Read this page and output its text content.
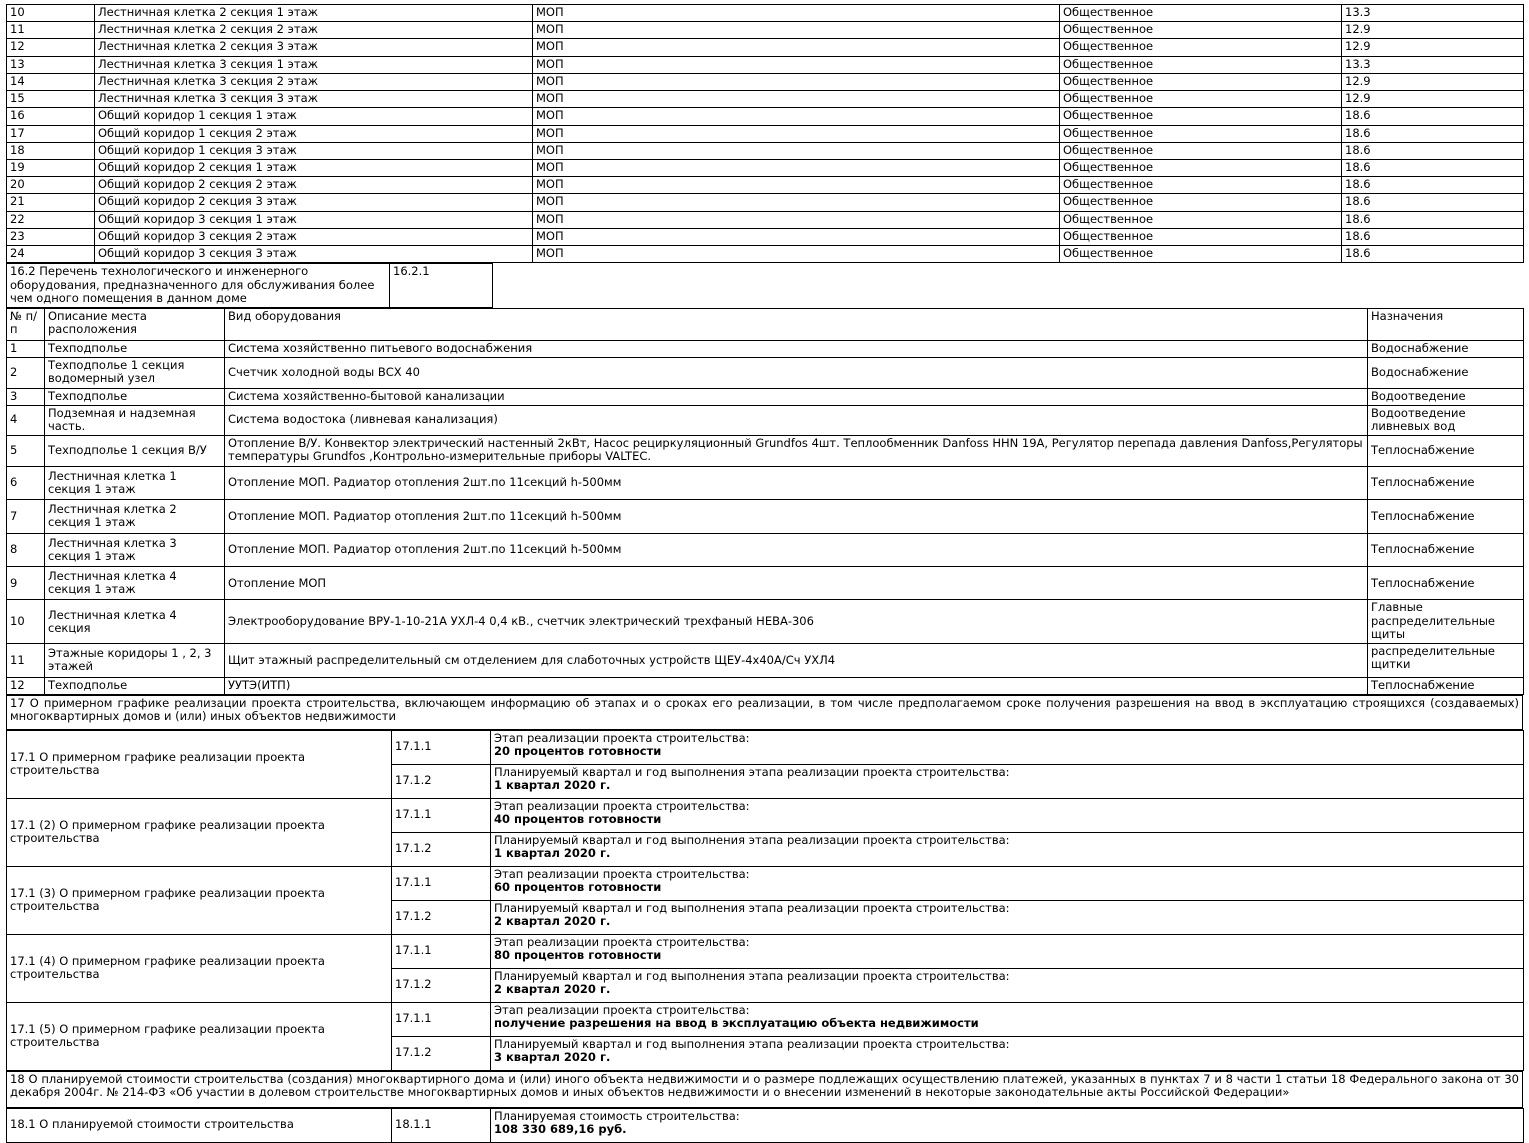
10	Лестничная клетка 2 секция 1 этаж	МОП	Общественное	13.3
11	Лестничная клетка 2 секция 2 этаж	МОП	Общественное	12.9
12	Лестничная клетка 2 секция 3 этаж	МОП	Общественное	12.9
13	Лестничная клетка 3 секция 1 этаж	МОП	Общественное	13.3
14	Лестничная клетка 3 секция 2 этаж	МОП	Общественное	12.9
15	Лестничная клетка 3 секция 3 этаж	МОП	Общественное	12.9
16	Общий коридор 1 секция 1 этаж	МОП	Общественное	18.6
17	Общий коридор 1 секция 2 этаж	МОП	Общественное	18.6
18	Общий коридор 1 секция 3 этаж	МОП	Общественное	18.6
19	Общий коридор 2 секция 1 этаж	МОП	Общественное	18.6
20	Общий коридор 2 секция 2 этаж	МОП	Общественное	18.6
21	Общий коридор 2 секция 3 этаж	МОП	Общественное	18.6
22	Общий коридор 3 секция 1 этаж	МОП	Общественное	18.6
23	Общий коридор 3 секция 2 этаж	МОП	Общественное	18.6
24	Общий коридор 3 секция 3 этаж	МОП	Общественное	18.6
16.2 Перечень технологического и инженерного оборудования, предназначенного для обслуживания более чем одного помещения в данном доме	16.2.1	
№ п/п	Описание места расположения	Вид оборудования	Назначения
1	Техподполье	Система хозяйственно питьевого водоснабжения	Водоснабжение
2	Техподполье 1 секция водомерный узел	Счетчик холодной воды ВСХ 40	Водоснабжение
3	Техподполье	Система хозяйственно-бытовой канализации	Водоотведение
4	Подземная и надземная часть.	Система водостока (ливневая канализация)	Водоотведение ливневых вод
5	Техподполье 1 секция В/У	Отопление В/У. Конвектор электрический настенный 2кВт, Насос рециркуляционный Grundfos 4шт. Теплообменник Danfoss HHN 19A, Регулятор перепада давления Danfoss,Регуляторы температуры Grundfos ,Контрольно-измерительные приборы VALTEC.	Теплоснабжение
6	Лестничная клетка 1 секция 1 этаж	Отопление МОП. Радиатор отопления 2шт.по 11секций h-500мм	Теплоснабжение
7	Лестничная клетка 2 секция 1 этаж	Отопление МОП. Радиатор отопления 2шт.по 11секций h-500мм	Теплоснабжение
8	Лестничная клетка 3 секция 1 этаж	Отопление МОП. Радиатор отопления 2шт.по 11секций h-500мм	Теплоснабжение
9	Лестничная клетка 4 секция 1 этаж	Отопление МОП	Теплоснабжение
10	Лестничная клетка 4 секция	Электрооборудование ВРУ-1-10-21А УХЛ-4 0,4 кВ., счетчик электрический трехфаный НЕВА-306	Главные распределительные щиты
11	Этажные коридоры 1 , 2, 3 этажей	Щит этажный распределительный см отделением для слаботочных устройств ЩЕУ-4х40А/Сч УХЛ4	распределительные щитки
12	Техподполье	УУТЭ(ИТП)	Теплоснабжение
17 О примерном графике реализации проекта строительства, включающем информацию об этапах и о сроках его реализации, в том числе предполагаемом сроке получения разрешения на ввод в эксплуатацию строящихся (создаваемых) многоквартирных домов и (или) иных объектов недвижимости
17.1 О примерном графике реализации проекта строительства	17.1.1	Этап реализации проекта строительства:
20 процентов готовности

	17.1.2	Планируемый квартал и год выполнения этапа реализации проекта строительства:
1 квартал 2020 г.

17.1 (2) О примерном графике реализации проекта строительства	17.1.1	Этап реализации проекта строительства:
40 процентов готовности

	17.1.2	Планируемый квартал и год выполнения этапа реализации проекта строительства:
1 квартал 2020 г.

17.1 (3) О примерном графике реализации проекта строительства	17.1.1	Этап реализации проекта строительства:
60 процентов готовности

	17.1.2	Планируемый квартал и год выполнения этапа реализации проекта строительства:
2 квартал 2020 г.

17.1 (4) О примерном графике реализации проекта строительства	17.1.1	Этап реализации проекта строительства:
80 процентов готовности

	17.1.2	Планируемый квартал и год выполнения этапа реализации проекта строительства:
2 квартал 2020 г.

17.1 (5) О примерном графике реализации проекта строительства	17.1.1	Этап реализации проекта строительства:
получение разрешения на ввод в эксплуатацию объекта недвижимости

	17.1.2	Планируемый квартал и год выполнения этапа реализации проекта строительства:
3 квартал 2020 г.
18 О планируемой стоимости строительства (создания) многоквартирного дома и (или) иного объекта недвижимости и о размере подлежащих осуществлению платежей, указанных в пунктах 7 и 8 части 1 статьи 18 Федерального закона от 30 декабря 2004г. № 214-ФЗ «Об участии в долевом строительстве многоквартирных домов и иных объектов недвижимости и о внесении изменений в некоторые законодательные акты Российской Федерации»
18.1 О планируемой стоимости строительства	18.1.1	
Планируемая стоимость строительства:
108 330 689,16 руб.
